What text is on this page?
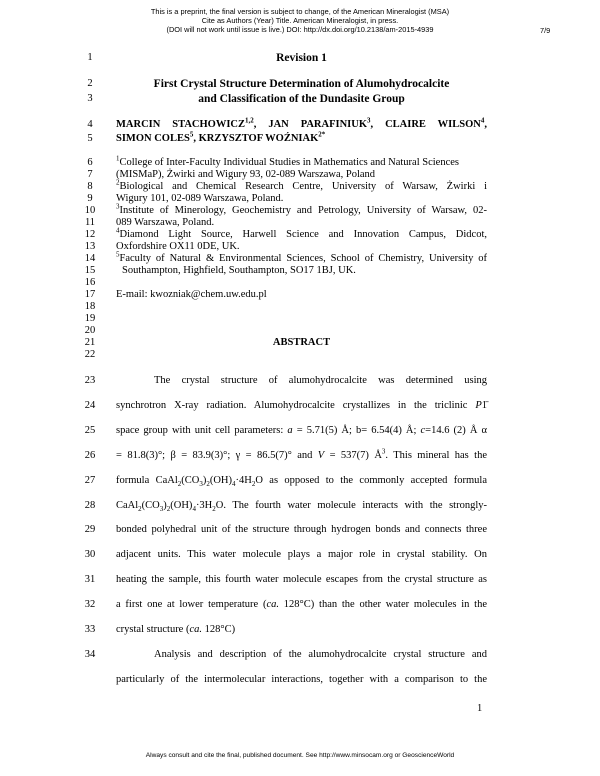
This is a preprint, the final version is subject to change, of the American Mineralogist (MSA)
Cite as Authors (Year) Title. American Mineralogist, in press.
(DOI will not work until issue is live.) DOI: http://dx.doi.org/10.2138/am-2015-4939	7/9
1
2
3
4
5
6
7
8
9
10
11
12
13
14
15
16
17
18
19
20
21
22
23
24
25
26
27
28
29
30
31
32
33
34
Revision 1
First Crystal Structure Determination of Alumohydrocalcite
and Classification of the Dundasite Group
MARCIN STACHOWICZ$^{1,2}$, JAN PARAFINIUK$^3$, CLAIRE WILSON$^4$,
SIMON COLES$^5$, KRZYSZTOF $WOŹNIAK^{2*}$
$^1$College of Inter-Faculty Individual Studies in Mathematics and Natural Sciences
(MISMaP), Żwirki and Wigury 93, 02-089 Warszawa, Poland
$^2$Biological and Chemical Research Centre, University of Warsaw, Żwirki i
Wigury 101, 02-089 Warszawa, Poland.
$^3$Institute of Minerology, Geochemistry and Petrology, University of Warsaw, 02-
089 Warszawa, Poland.
$^4$Diamond Light Source, Harwell Science and Innovation Campus, Didcot,
Oxfordshire OX11 0DE, UK.
$^5$Faculty of Natural & Environmental Sciences, School of Chemistry, University of
Southampton, Highfield, Southampton, SO17 1BJ, UK.
E-mail: kwozniak@chem.uw.edu.pl
ABSTRACT
The crystal structure of alumohydrocalcite was determined using
synchrotron X-ray radiation. Alumohydrocalcite crystallizes in the triclinic P1̄
space group with unit cell parameters: a = 5.71(5) Å; b= 6.54(4) Å; c=14.6 (2) Å α
= 81.8(3)°; β = 83.9(3)°; γ = 86.5(7)° and V = 537(7) $Å^3$. This mineral has the
formula $CaAl_2(CO_3)_2(OH)_4\cdot 4H_2O$ as opposed to the commonly accepted formula
$CaAl_2(CO_3)_2(OH)_4\cdot 3H_2O$. The fourth water molecule interacts with the strongly-
bonded polyhedral unit of the structure through hydrogen bonds and connects three
adjacent units. This water molecule plays a major role in crystal stability. On
heating the sample, this fourth water molecule escapes from the crystal structure as
a first one at lower temperature (ca. 128°C) than the other water molecules in the
crystal structure (ca. 128°C)
Analysis and description of the alumohydrocalcite crystal structure and
particularly of the intermolecular interactions, together with a comparison to the
1
Always consult and cite the final, published document. See http://www.minsocam.org or GeoscienceWorld
